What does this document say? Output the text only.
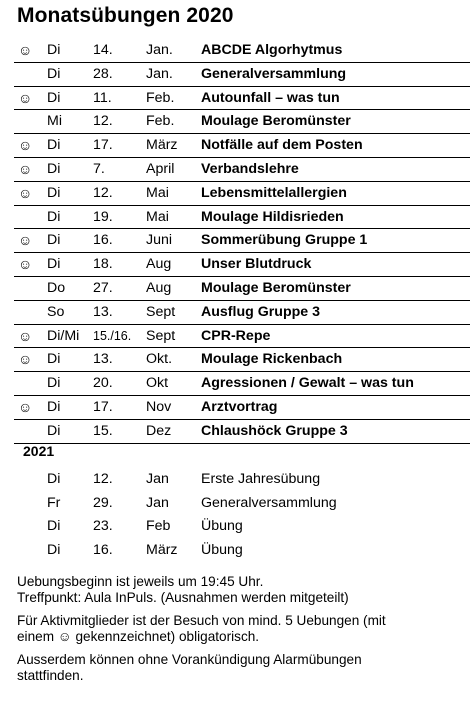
Monatsübungen 2020
☺ Di 14. Jan. ABCDE Algorhytmus
Di 28. Jan. Generalversammlung
☺ Di 11. Feb. Autounfall – was tun
Mi 12. Feb. Moulage Beromünster
☺ Di 17. März Notfälle auf dem Posten
☺ Di 7.	April Verbandslehre
☺ Di 12. Mai Lebensmittelallergien
Di 19. Mai Moulage Hildisrieden
☺ Di 16. Juni Sommerübung Gruppe 1
☺ Di 18. Aug Unser Blutdruck
Do 27. Aug Moulage Beromünster
So 13. Sept Ausflug Gruppe 3
☺ Di/Mi 15./16. Sept CPR-Repe
☺ Di 13. Okt. Moulage Rickenbach
Di 20. Okt Agressionen / Gewalt – was tun
☺ Di 17. Nov Arztvortrag
Di 15. Dez Chlaushöck Gruppe 3
2021
Di 12. Jan Erste Jahresübung
Fr 29. Jan Generalversammlung
Di 23. Feb Übung
Di 16. März Übung

Uebungsbeginn ist jeweils um 19:45 Uhr.
Treffpunkt: Aula InPuls. (Ausnahmen werden mitgeteilt)

Für Aktivmitglieder ist der Besuch von mind. 5 Uebungen (mit
einem ☺ gekennzeichnet) obligatorisch.

Ausserdem können ohne Vorankündigung Alarmübungen
stattfinden.
